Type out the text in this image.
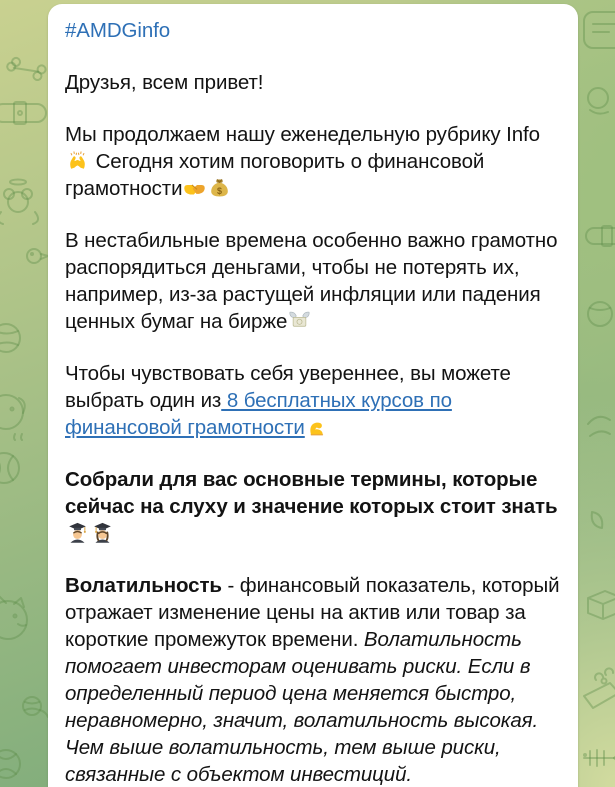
#AMDGinfo

Друзья, всем привет!

Мы продолжаем нашу еженедельную рубрику Info
Сегодня хотим поговорить о финансовой грамотности	$

В нестабильные времена особенно важно грамотно распорядиться деньгами, чтобы не потерять их, например, из-за растущей инфляции или падения ценных бумаг на бирже

Чтобы чувствовать себя увереннее, вы можете выбрать один из 8 бесплатных курсов по финансовой грамотности

Собрали для вас основные термины, которые сейчас на слуху и значение которых стоит знать

Волатильность - финансовый показатель, который отражает изменение цены на актив или товар за короткие промежуток времени. Волатильность помогает инвесторам оценивать риски. Если в определенный период цена меняется быстро, неравномерно, значит, волатильность высокая. Чем выше волатильность, тем выше риски, связанные с объектом инвестиций.
